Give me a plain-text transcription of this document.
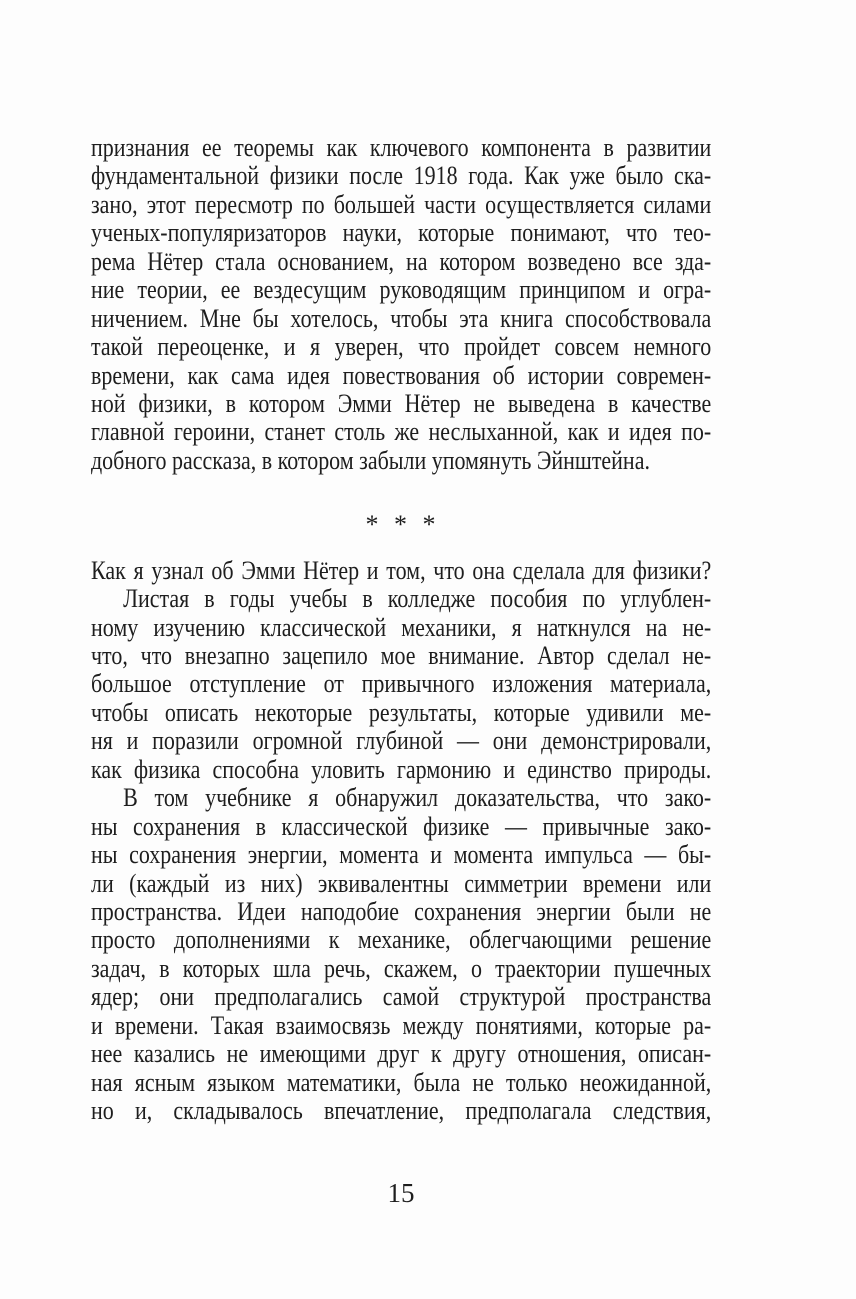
признания ее теоремы как ключевого компонента в развитии
фундаментальной физики после 1918 года. Как уже было ска-
зано, этот пересмотр по большей части осуществляется силами
ученых-популяризаторов науки, которые понимают, что тео-
рема Нётер стала основанием, на котором возведено все зда-
ние теории, ее вездесущим руководящим принципом и огра-
ничением. Мне бы хотелось, чтобы эта книга способствовала
такой переоценке, и я уверен, что пройдет совсем немного
времени, как сама идея повествования об истории современ-
ной физики, в котором Эмми Нётер не выведена в качестве
главной героини, станет столь же неслыханной, как и идея по-
добного рассказа, в котором забыли упомянуть Эйнштейна.
* * *
Как я узнал об Эмми Нётер и том, что она сделала для физики?
Листая в годы учебы в колледже пособия по углублен-
ному изучению классической механики, я наткнулся на не-
что, что внезапно зацепило мое внимание. Автор сделал не-
большое отступление от привычного изложения материала,
чтобы описать некоторые результаты, которые удивили ме-
ня и поразили огромной глубиной — они демонстрировали,
как физика способна уловить гармонию и единство природы.
В том учебнике я обнаружил доказательства, что зако-
ны сохранения в классической физике — привычные зако-
ны сохранения энергии, момента и момента импульса — бы-
ли (каждый из них) эквивалентны симметрии времени или
пространства. Идеи наподобие сохранения энергии были не
просто дополнениями к механике, облегчающими решение
задач, в которых шла речь, скажем, о траектории пушечных
ядер; они предполагались самой структурой пространства
и времени. Такая взаимосвязь между понятиями, которые ра-
нее казались не имеющими друг к другу отношения, описан-
ная ясным языком математики, была не только неожиданной,
но и, складывалось впечатление, предполагала следствия,
15
